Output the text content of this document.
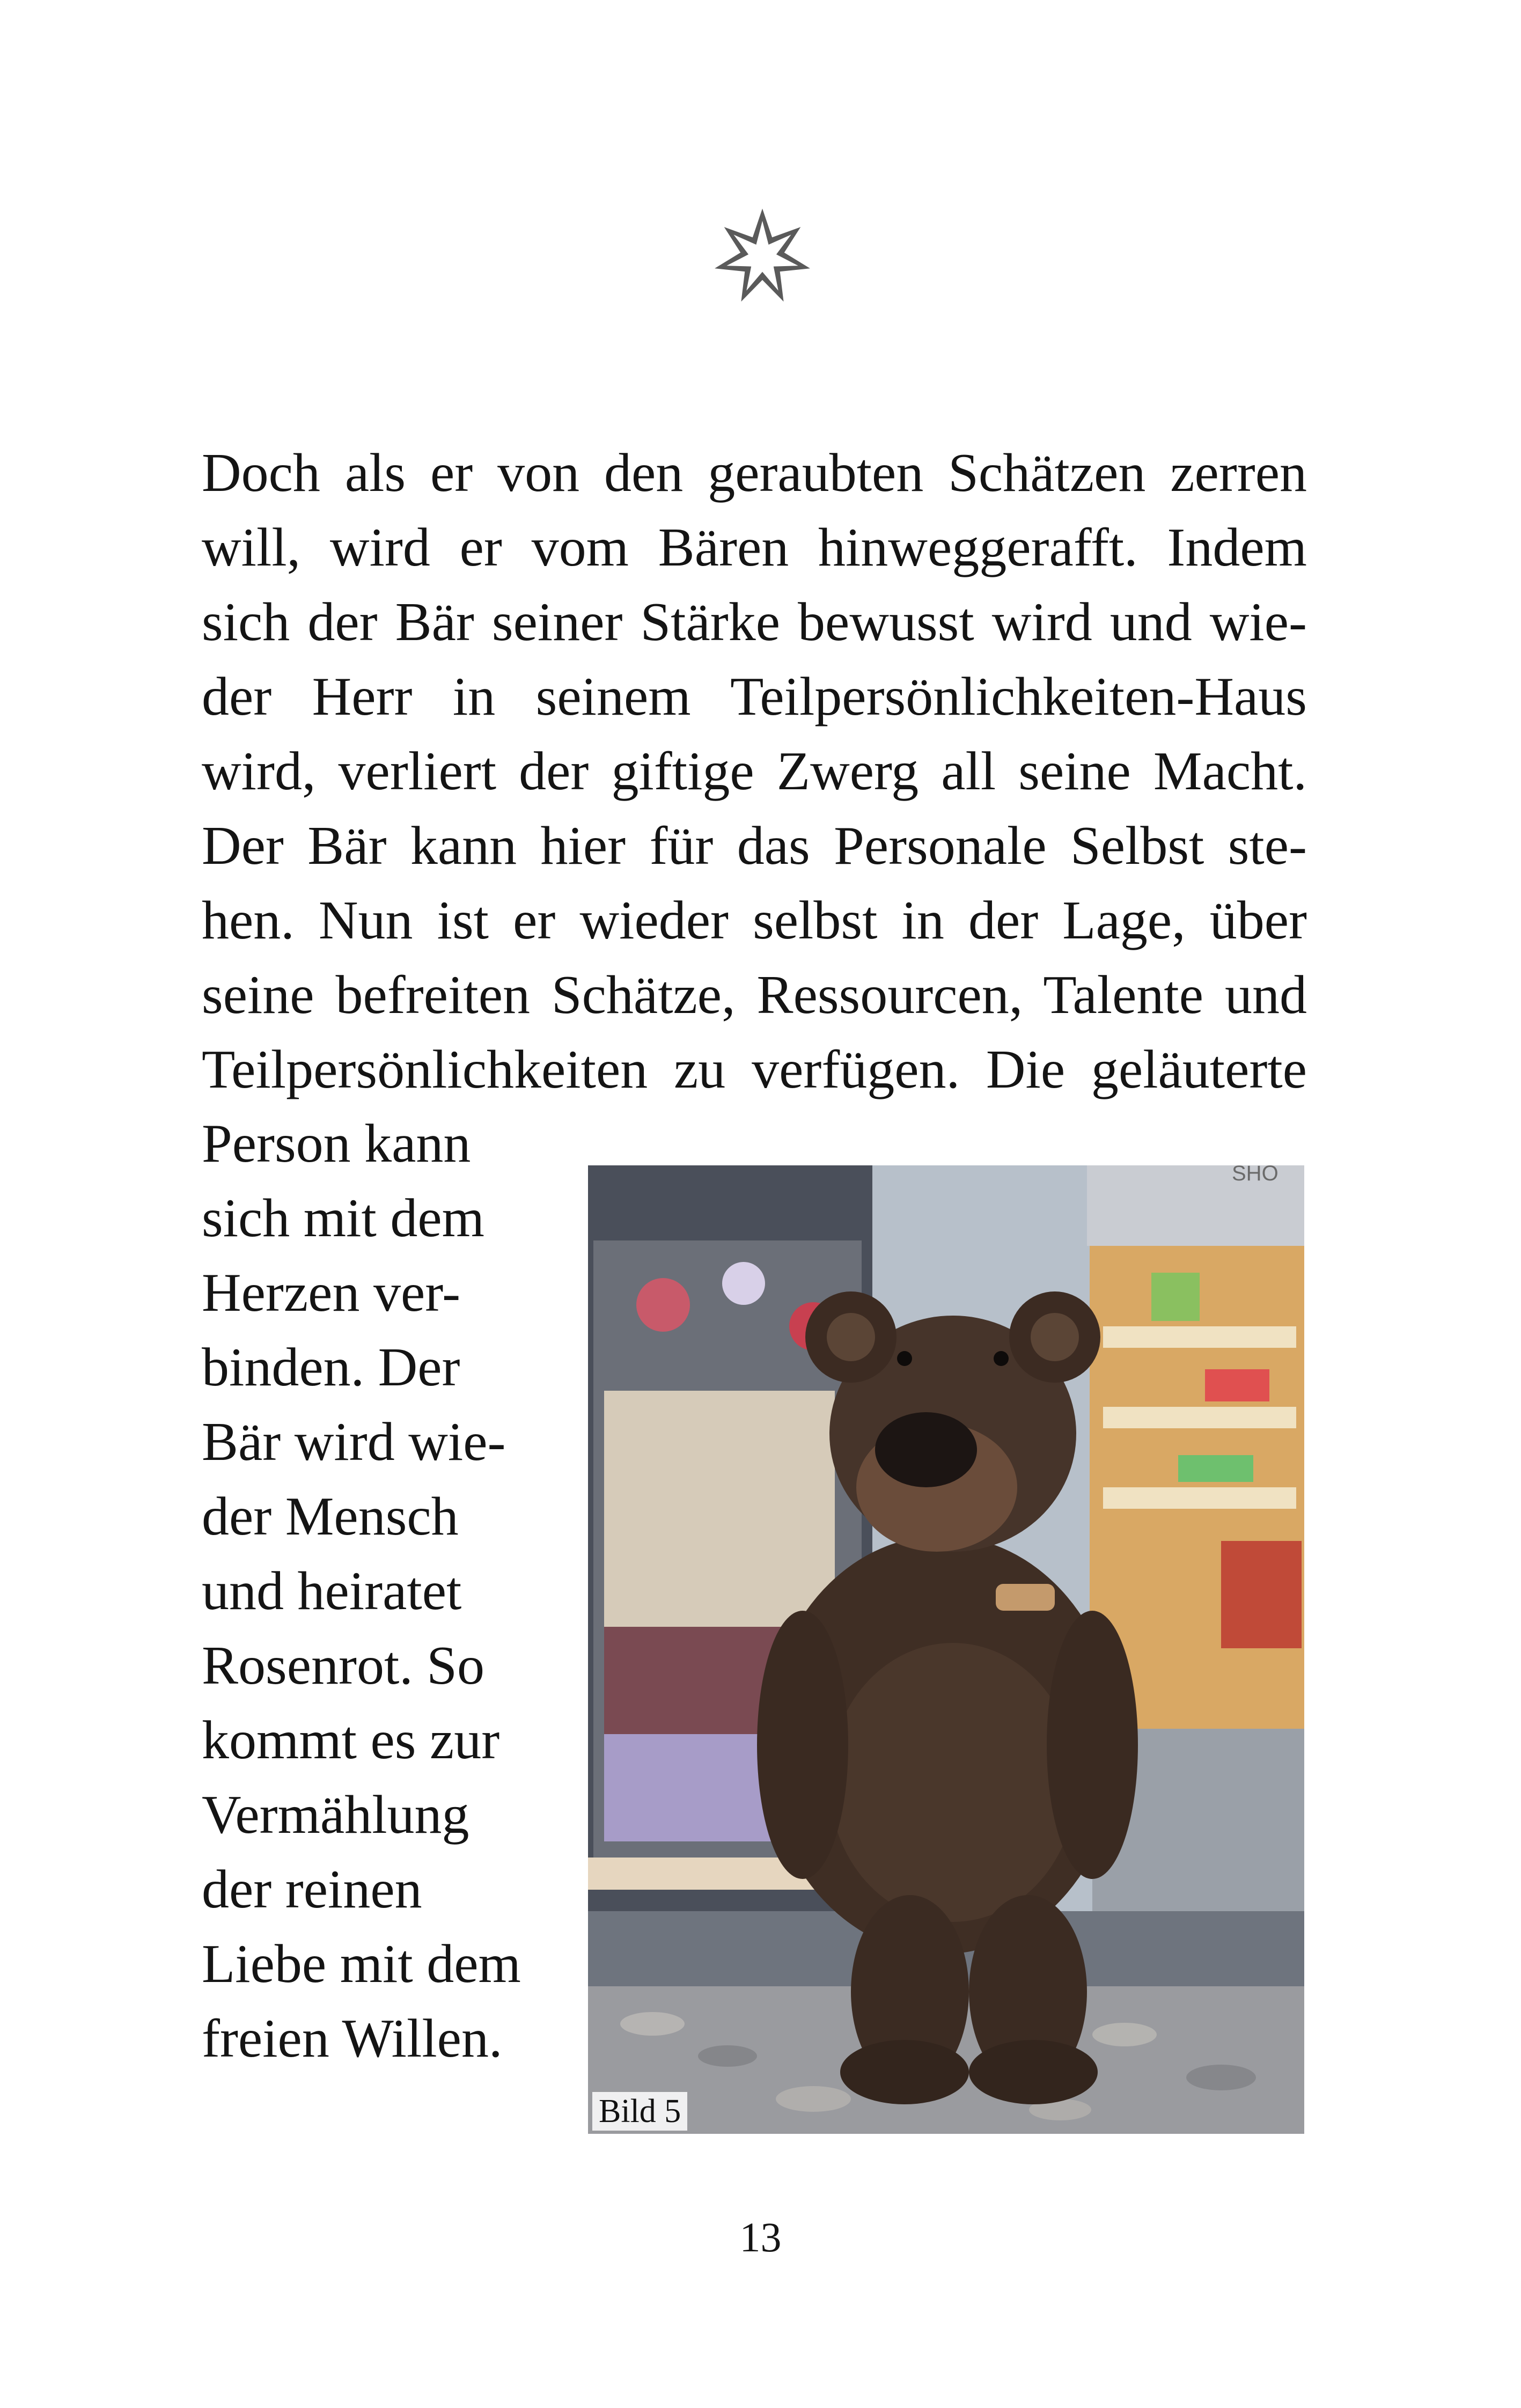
Doch als er von den geraubten Schätzen zerren
will, wird er vom Bären hinweggerafft. Indem
sich der Bär seiner Stärke bewusst wird und wie-
der Herr in seinem Teilpersönlichkeiten-Haus
wird, verliert der giftige Zwerg all seine Macht.
Der Bär kann hier für das Personale Selbst ste-
hen. Nun ist er wieder selbst in der Lage, über
seine befreiten Schätze, Ressourcen, Talente und
Teilpersönlichkeiten zu verfügen. Die geläuterte
Person kann
sich mit dem
Herzen ver-
binden. Der
Bär wird wie-
der Mensch
und heiratet
Rosenrot. So
kommt es zur
Vermählung
der reinen
Liebe mit dem
freien Willen.
SHO
Bild 5
13
